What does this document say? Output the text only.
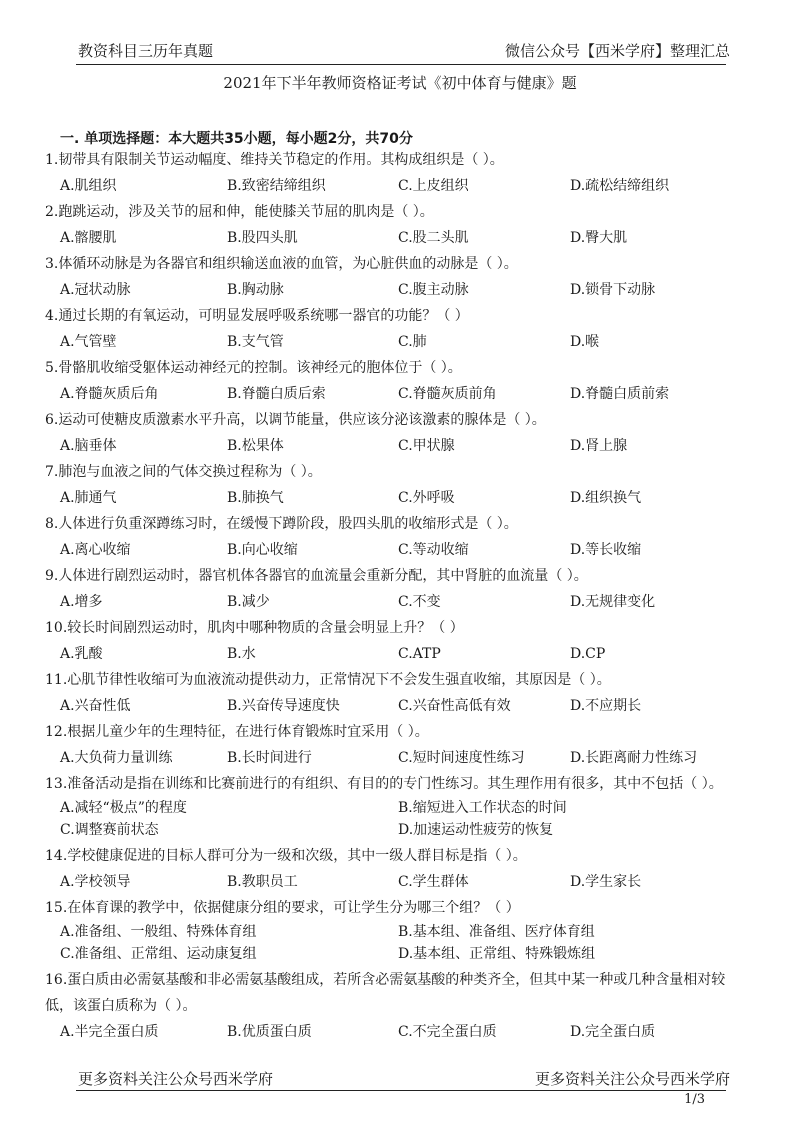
教资科目三历年真题	微信公众号【西米学府】整理汇总
2021年下半年教师资格证考试《初中体育与健康》题
一. 单项选择题：本大题共35小题，每小题2分，共70分
1.韧带具有限制关节运动幅度、维持关节稳定的作用。其构成组织是（ ）。
A.肌组织	B.致密结缔组织	C.上皮组织	D.疏松结缔组织
2.跑跳运动，涉及关节的屈和伸，能使膝关节屈的肌肉是（ ）。
A.髂腰肌	B.股四头肌	C.股二头肌	D.臀大肌
3.体循环动脉是为各器官和组织输送血液的血管，为心脏供血的动脉是（ ）。
A.冠状动脉	B.胸动脉	C.腹主动脉	D.锁骨下动脉
4.通过长期的有氧运动，可明显发展呼吸系统哪一器官的功能？（ ）
A.气管壁	B.支气管	C.肺	D.喉
5.骨骼肌收缩受躯体运动神经元的控制。该神经元的胞体位于（ ）。
A.脊髓灰质后角	B.脊髓白质后索	C.脊髓灰质前角	D.脊髓白质前索
6.运动可使糖皮质激素水平升高，以调节能量，供应该分泌该激素的腺体是（ ）。
A.脑垂体	B.松果体	C.甲状腺	D.肾上腺
7.肺泡与血液之间的气体交换过程称为（ ）。
A.肺通气	B.肺换气	C.外呼吸	D.组织换气
8.人体进行负重深蹲练习时，在缓慢下蹲阶段，股四头肌的收缩形式是（ ）。
A.离心收缩	B.向心收缩	C.等动收缩	D.等长收缩
9.人体进行剧烈运动时，器官机体各器官的血流量会重新分配，其中肾脏的血流量（ ）。
A.增多	B.减少	C.不变	D.无规律变化
10.较长时间剧烈运动时，肌肉中哪种物质的含量会明显上升？（ ）
A.乳酸	B.水	C.ATP	D.CP
11.心肌节律性收缩可为血液流动提供动力，正常情况下不会发生强直收缩，其原因是（ ）。
A.兴奋性低	B.兴奋传导速度快	C.兴奋性高低有效	D.不应期长
12.根据儿童少年的生理特征，在进行体育锻炼时宜采用（ ）。
A.大负荷力量训练	B.长时间进行	C.短时间速度性练习	D.长距离耐力性练习
13.准备活动是指在训练和比赛前进行的有组织、有目的的专门性练习。其生理作用有很多，其中不包括（ ）。
A.减轻“极点”的程度	B.缩短进入工作状态的时间
C.调整赛前状态	D.加速运动性疲劳的恢复
14.学校健康促进的目标人群可分为一级和次级，其中一级人群目标是指（ ）。
A.学校领导	B.教职员工	C.学生群体	D.学生家长
15.在体育课的教学中，依据健康分组的要求，可让学生分为哪三个组？（ ）
A.准备组、一般组、特殊体育组	B.基本组、准备组、医疗体育组
C.准备组、正常组、运动康复组	D.基本组、正常组、特殊锻炼组
16.蛋白质由必需氨基酸和非必需氨基酸组成，若所含必需氨基酸的种类齐全，但其中某一种或几种含量相对较低，该蛋白质称为（ ）。
A.半完全蛋白质	B.优质蛋白质	C.不完全蛋白质	D.完全蛋白质
更多资料关注公众号西米学府	更多资料关注公众号西米学府
1/3
